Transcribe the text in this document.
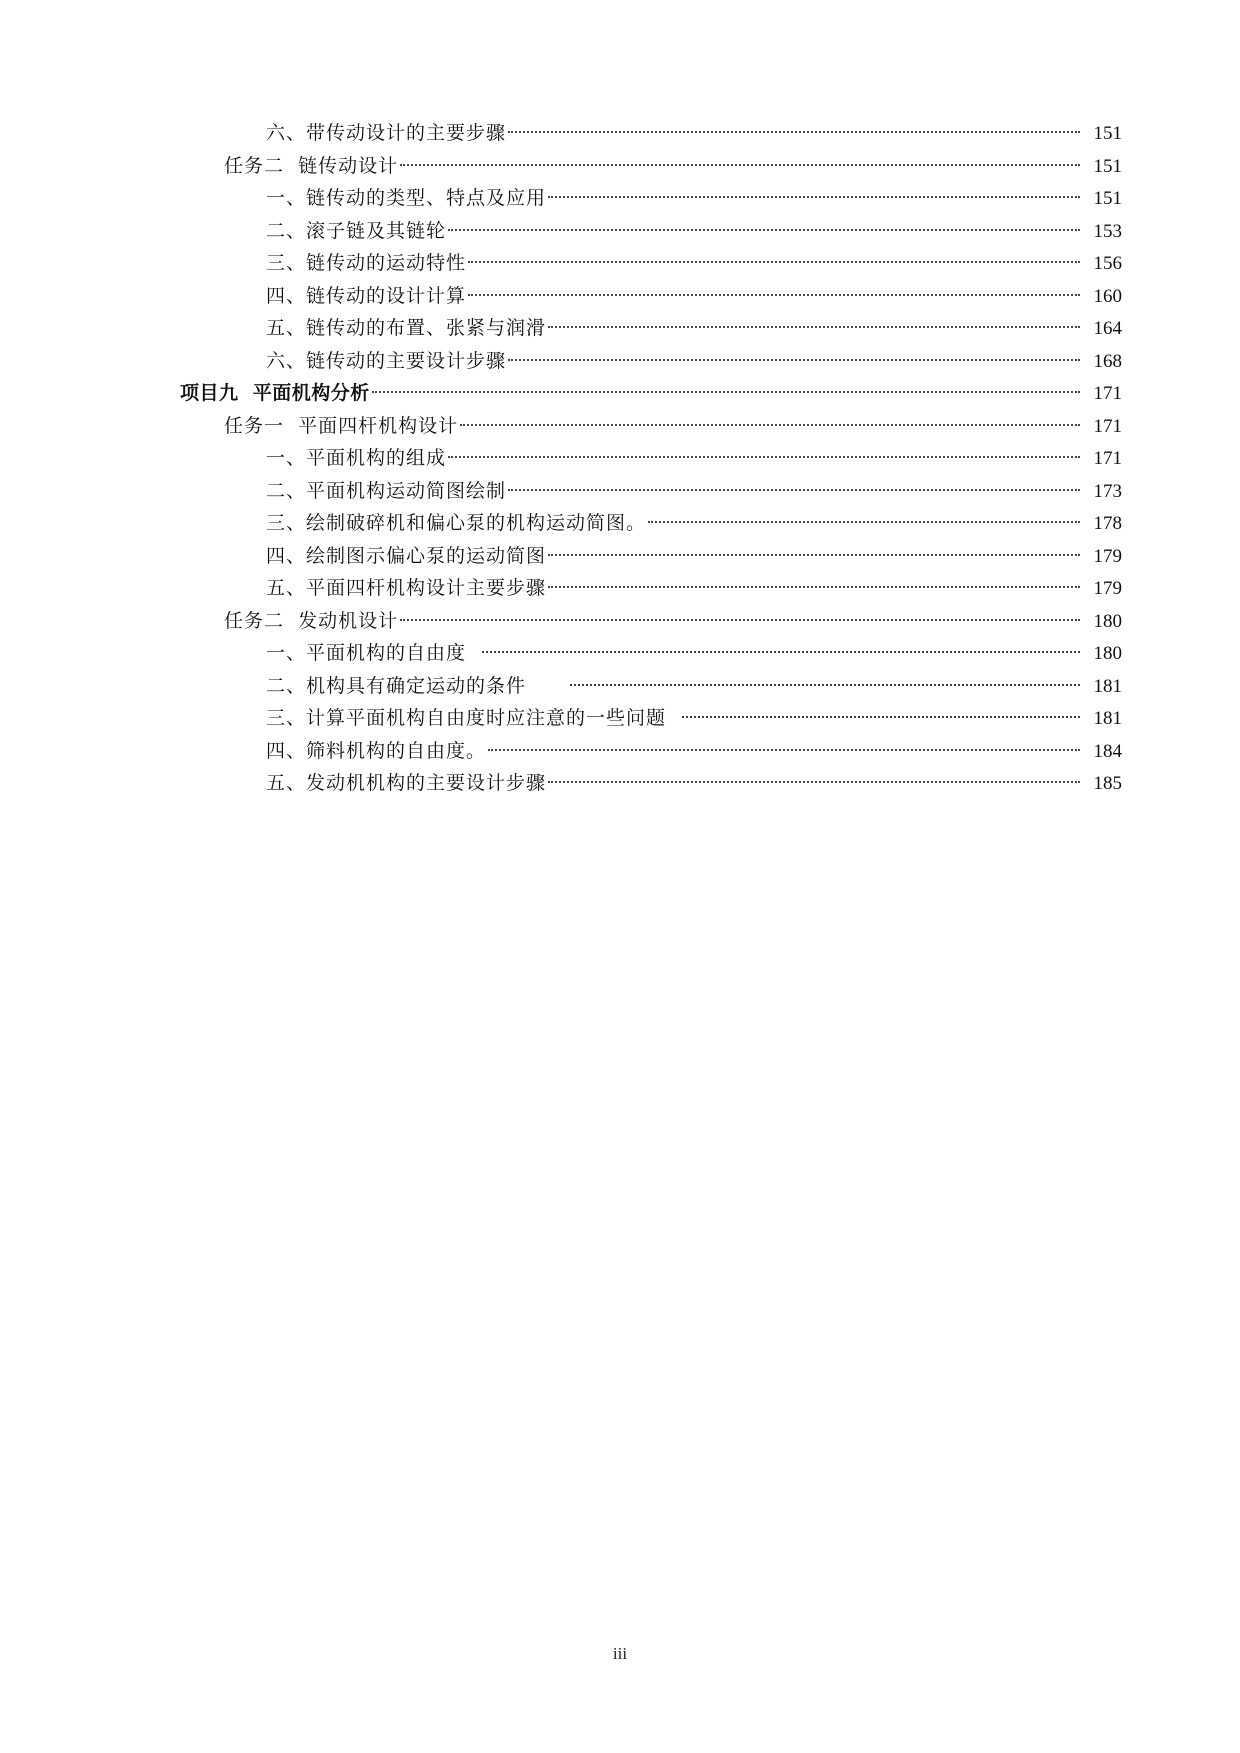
六、带传动设计的主要步骤	151
任务二  链传动设计	151
一、链传动的类型、特点及应用	151
二、滚子链及其链轮	153
三、链传动的运动特性	156
四、链传动的设计计算	160
五、链传动的布置、张紧与润滑	164
六、链传动的主要设计步骤	168
项目九  平面机构分析	171
任务一  平面四杆机构设计	171
一、平面机构的组成	171
二、平面机构运动简图绘制	173
三、绘制破碎机和偏心泵的机构运动简图。	178
四、绘制图示偏心泵的运动简图	179
五、平面四杆机构设计主要步骤	179
任务二  发动机设计	180
一、平面机构的自由度	180
二、机构具有确定运动的条件	181
三、计算平面机构自由度时应注意的一些问题	181
四、筛料机构的自由度。	184
五、发动机机构的主要设计步骤	185
iii
